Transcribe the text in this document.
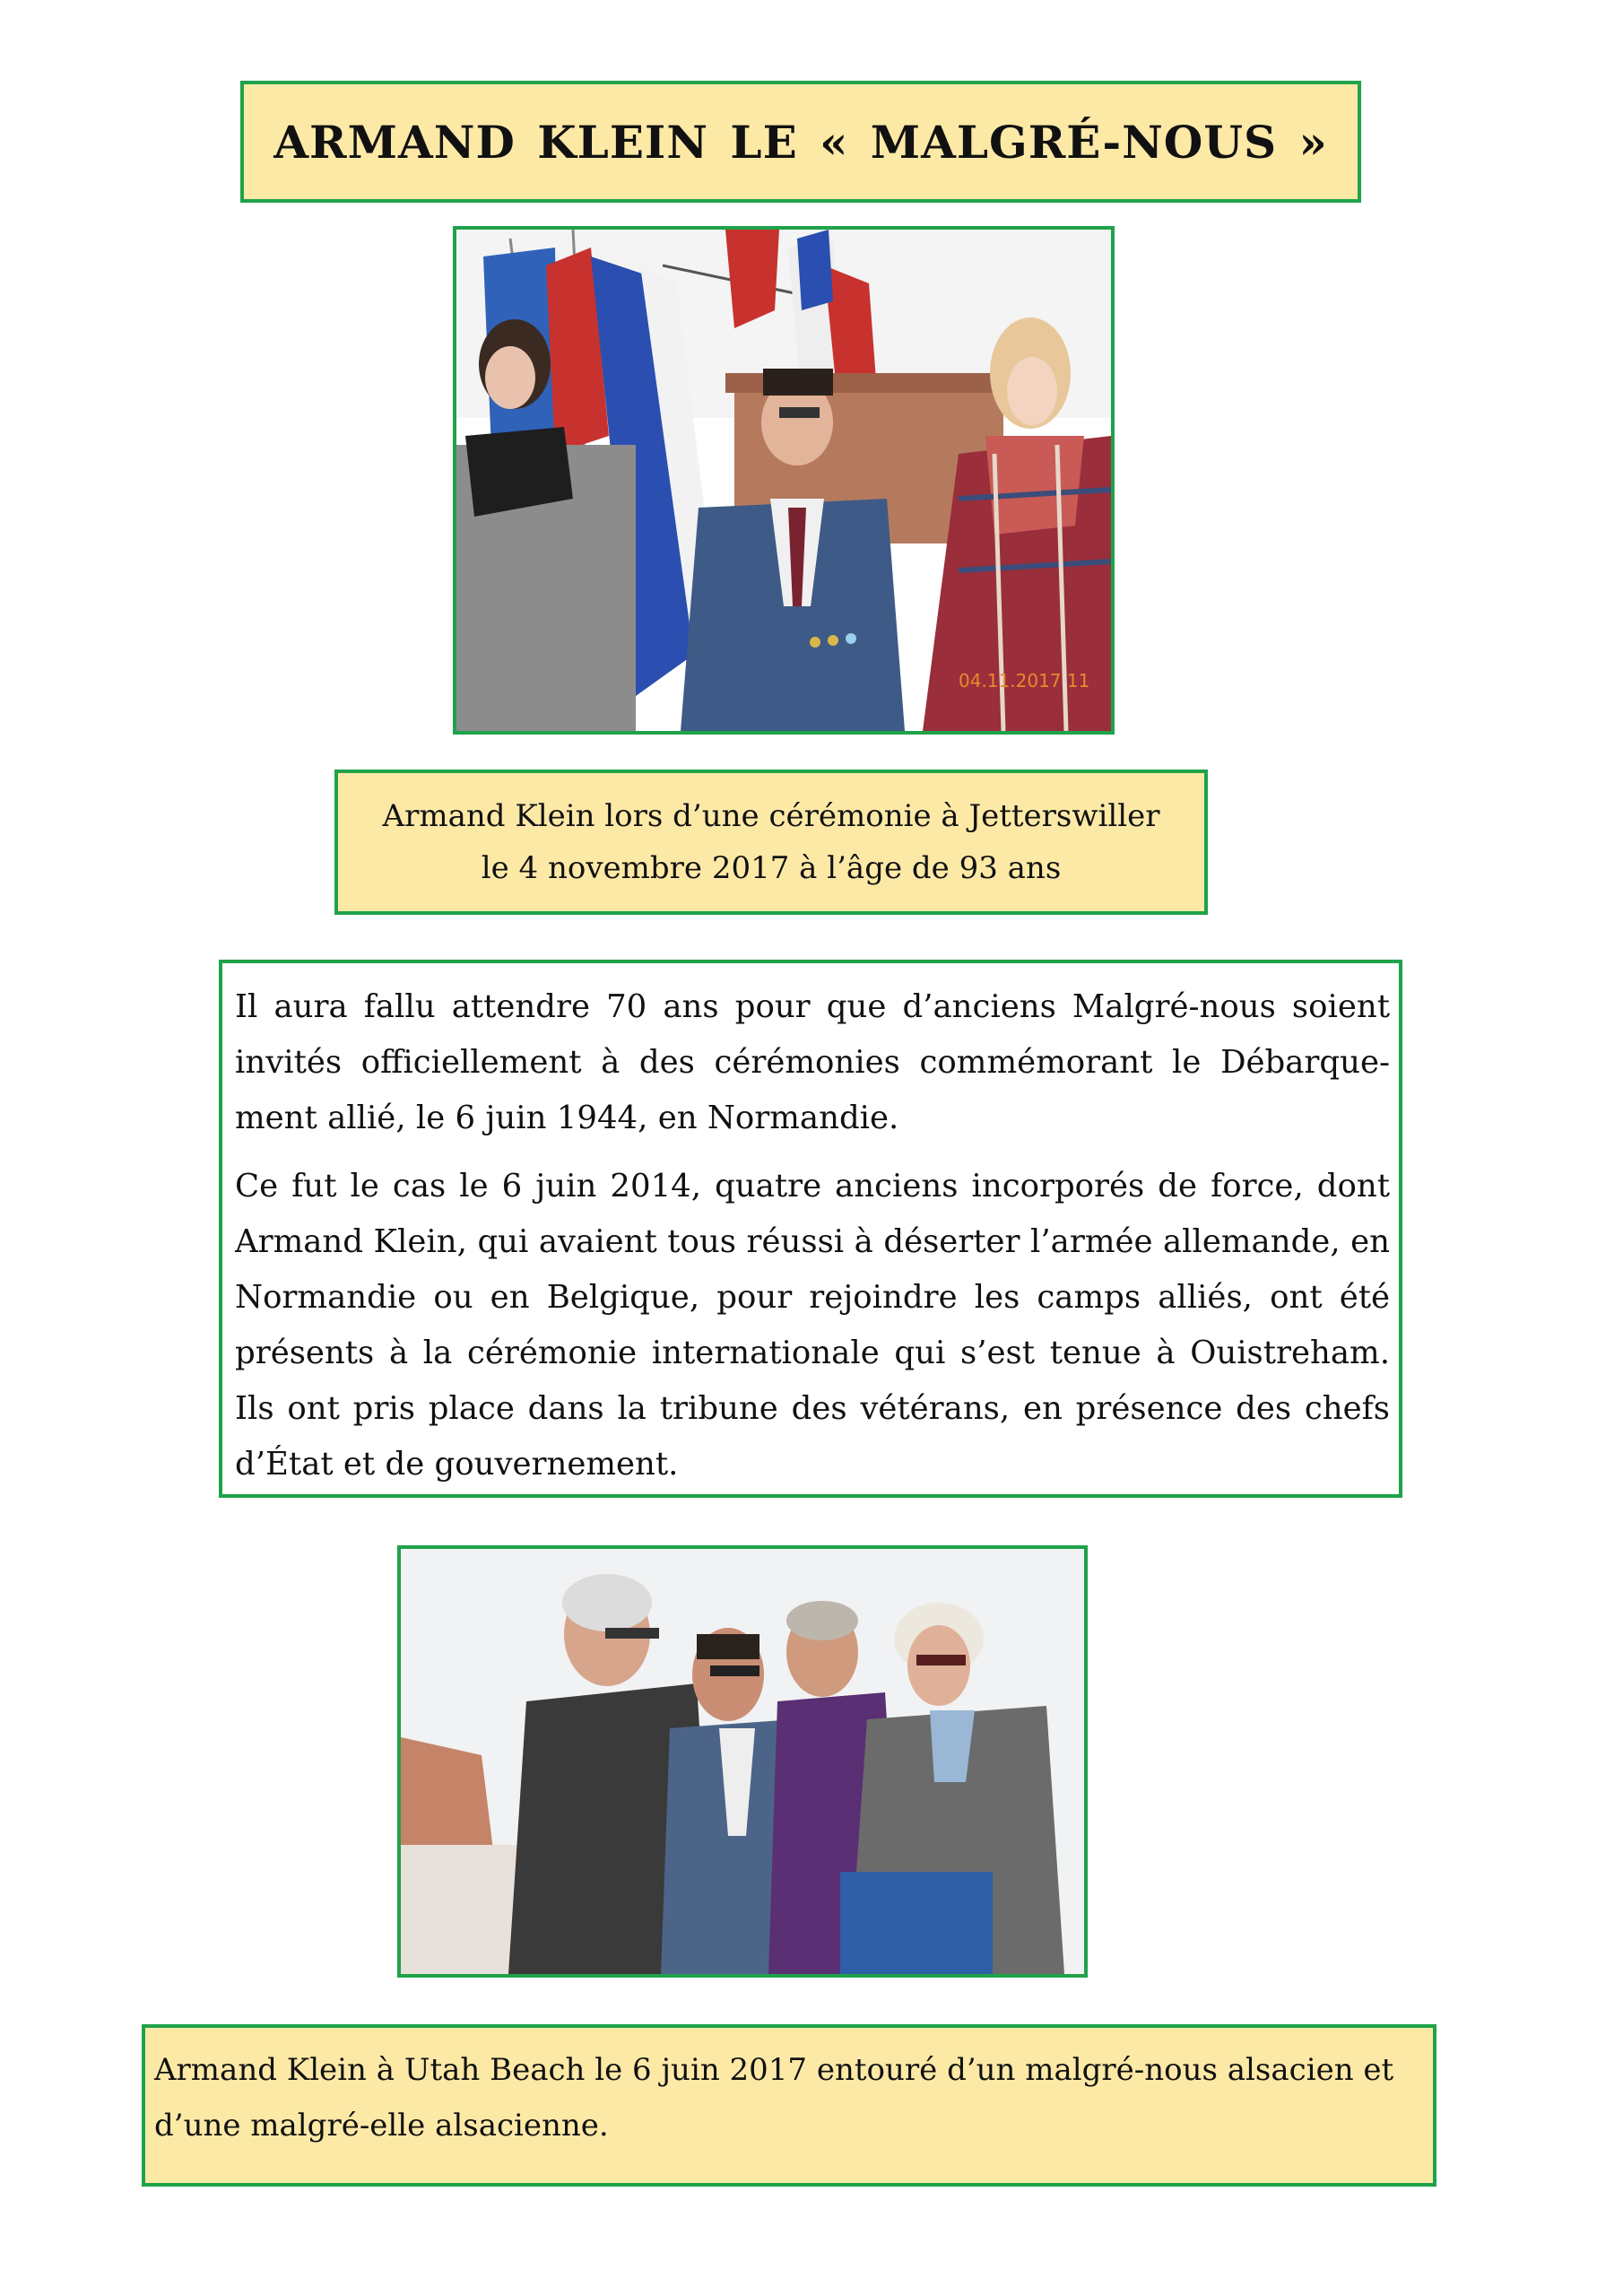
ARMAND KLEIN LE « MALGRÉ-NOUS »
04.11.2017 11
Armand Klein lors d’une cérémonie à Jetterswiller
le 4 novembre 2017 à l’âge de 93 ans

Il aura fallu attendre 70 ans pour que d’anciens Malgré-nous soient invités officiellement à des cérémonies commémorant le Débarquement allié, le 6 juin 1944, en Normandie.

Ce fut le cas le 6 juin 2014, quatre anciens incorporés de force, dont Armand Klein, qui avaient tous réussi à déserter l’armée allemande, en Normandie ou en Belgique, pour rejoindre les camps alliés, ont été présents à la cérémonie internationale qui s’est tenue à Ouistreham. Ils ont pris place dans la tribune des vétérans, en présence des chefs d’État et de gouvernement.

Armand Klein à Utah Beach le 6 juin 2017 entouré d’un malgré-nous alsacien et d’une malgré-elle alsacienne.
